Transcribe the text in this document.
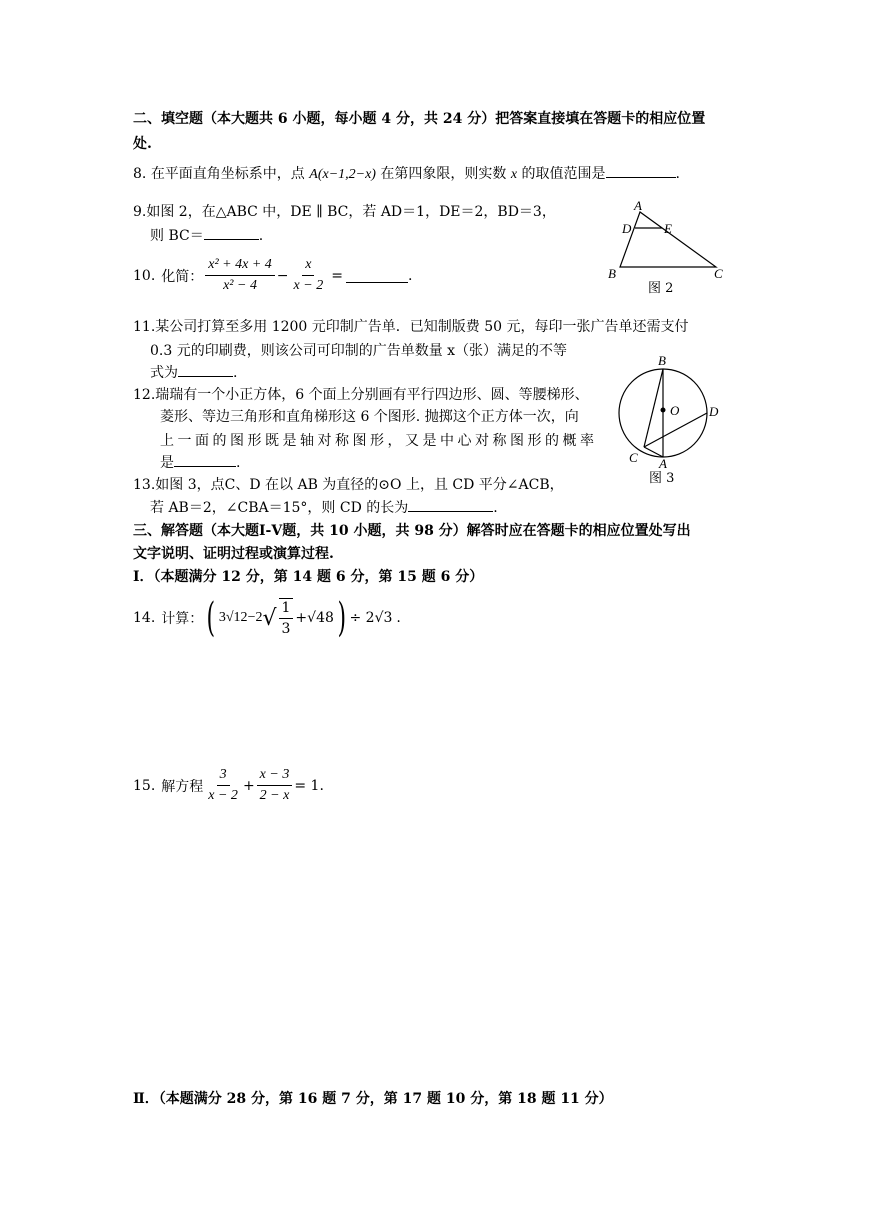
二、填空题（本大题共 6 小题，每小题 4 分，共 24 分）把答案直接填在答题卡的相应位置
处.
8. 在平面直角坐标系中，点 A(x−1,2−x) 在第四象限，则实数 x 的取值范围是	.
9.如图 2，在△ABC 中，DE ∥ BC，若 AD＝1，DE＝2，BD＝3，
则 BC＝	.
A
D	E
B	C
图 2
10. 化简： $\frac{\text{x² + 4x + 4}}{\text{x² − 4}} - \frac{x}{x - 2}$ =	.
11.某公司打算至多用 1200 元印制广告单．已知制版费 50 元，每印一张广告单还需支付
0.3 元的印刷费，则该公司可印制的广告单数量 x（张）满足的不等
式为	.
12.瑞瑞有一个小正方体，6 个面上分别画有平行四边形、圆、等腰梯形、
菱形、等边三角形和直角梯形这 6 个图形. 抛掷这个正方体一次，向
上一面的图形既是轴对称图形，又是中心对称图形的概率
是	.
B
O D
C A
图 3
13.如图 3，点C、D 在以 AB 为直径的⊙O 上，且 CD 平分∠ACB，
若 AB＝2，∠CBA＝15°，则 CD 的长为	.
三、解答题（本大题Ⅰ-Ⅴ题，共 10 小题，共 98 分）解答时应在答题卡的相应位置处写出
文字说明、证明过程或演算过程.
Ⅰ．（本题满分 12 分，第 14 题 6 分，第 15 题 6 分）
14. 计算： ( 3√12 −2 √ $\frac{1}{3} +√48$ ) ÷ 2√3 .
15. 解方程 $\frac{3}{x - 2} + \frac{x - 3}{2 - x} = 1$ .
Ⅱ．（本题满分 28 分，第 16 题 7 分，第 17 题 10 分，第 18 题 11 分）
